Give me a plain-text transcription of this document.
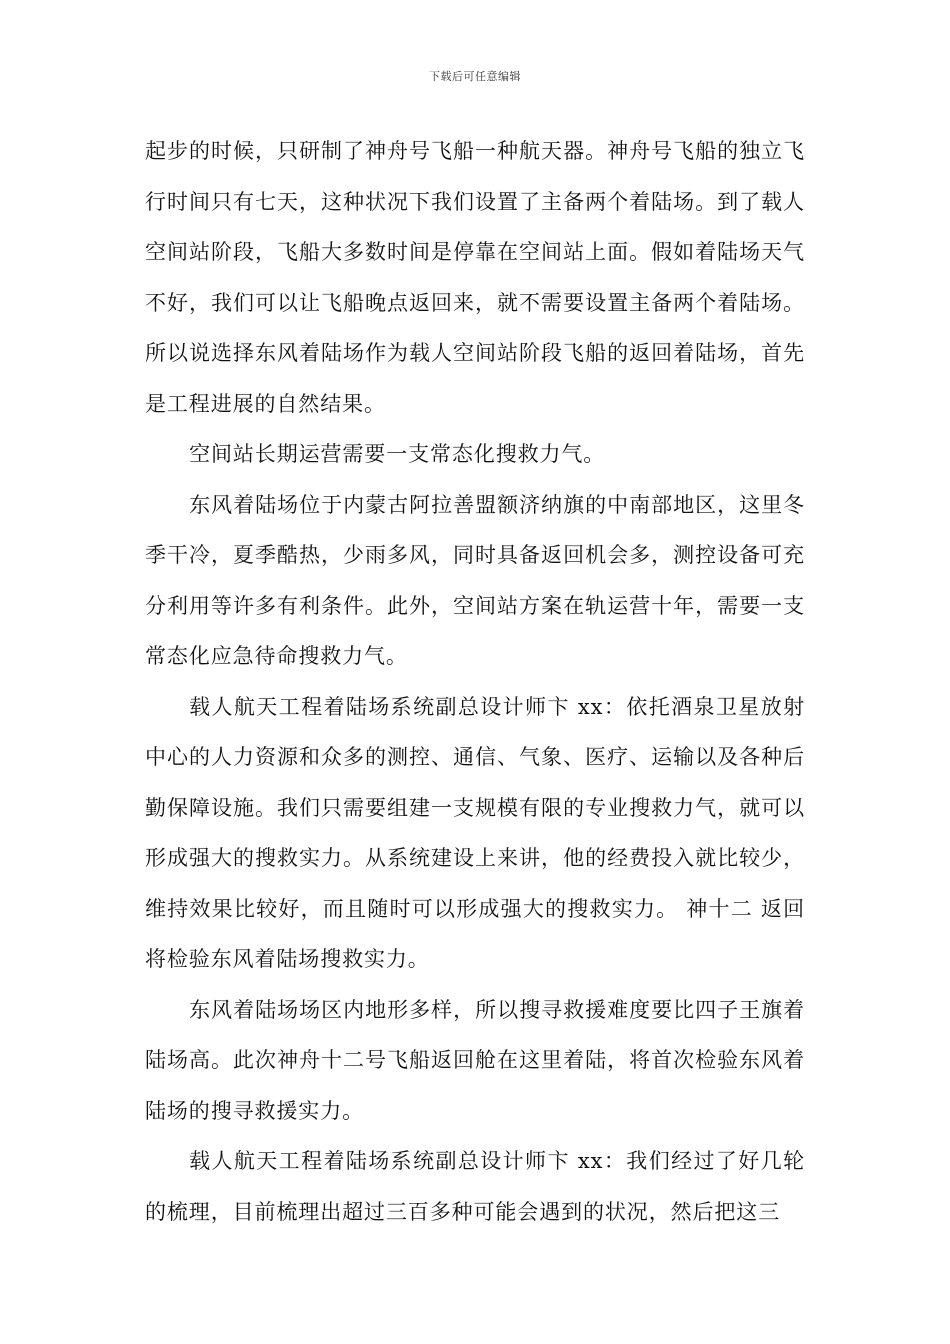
下载后可任意编辑

起步的时候，只研制了神舟号飞船一种航天器。神舟号飞船的独立飞行时间只有七天，这种状况下我们设置了主备两个着陆场。到了载人空间站阶段，飞船大多数时间是停靠在空间站上面。假如着陆场天气不好，我们可以让飞船晚点返回来，就不需要设置主备两个着陆场。所以说选择东风着陆场作为载人空间站阶段飞船的返回着陆场，首先是工程进展的自然结果。

空间站长期运营需要一支常态化搜救力气。

东风着陆场位于内蒙古阿拉善盟额济纳旗的中南部地区，这里冬季干冷，夏季酷热，少雨多风，同时具备返回机会多，测控设备可充分利用等许多有利条件。此外，空间站方案在轨运营十年，需要一支常态化应急待命搜救力气。

载人航天工程着陆场系统副总设计师卞 xx：依托酒泉卫星放射中心的人力资源和众多的测控、通信、气象、医疗、运输以及各种后勤保障设施。我们只需要组建一支规模有限的专业搜救力气，就可以形成强大的搜救实力。从系统建设上来讲，他的经费投入就比较少，维持效果比较好，而且随时可以形成强大的搜救实力。 神十二 返回将检验东风着陆场搜救实力。

东风着陆场场区内地形多样，所以搜寻救援难度要比四子王旗着陆场高。此次神舟十二号飞船返回舱在这里着陆，将首次检验东风着陆场的搜寻救援实力。

载人航天工程着陆场系统副总设计师卞 xx：我们经过了好几轮的梳理，目前梳理出超过三百多种可能会遇到的状况，然后把这三
